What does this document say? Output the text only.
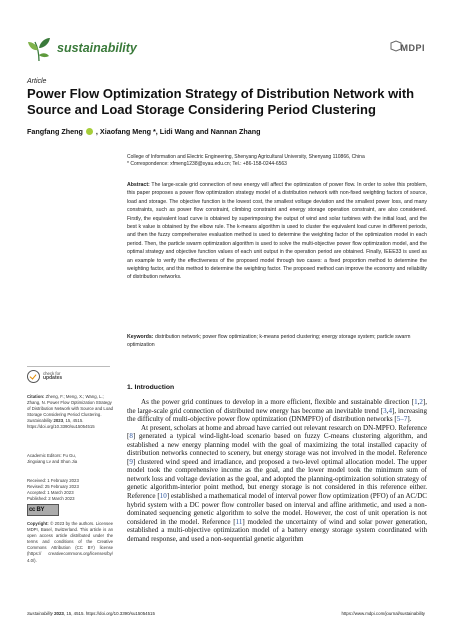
sustainability	MDPI
Article
Power Flow Optimization Strategy of Distribution Network with Source and Load Storage Considering Period Clustering
Fangfang Zheng , Xiaofang Meng *, Lidi Wang and Nannan Zhang
College of Information and Electric Engineering, Shenyang Agricultural University, Shenyang 110866, China
* Correspondence: xfmeng1238@syau.edu.cn; Tel.: +86-158-0244-6563
Abstract: The large-scale grid connection of new energy will affect the optimization of power flow. In order to solve this problem, this paper proposes a power flow optimization strategy model of a distribution network with non-fixed weighting factors of source, load and storage. The objective function is the lowest cost, the smallest voltage deviation and the smallest power loss, and many constraints, such as power flow constraint, climbing constraint and energy storage operation constraint, are also considered. Firstly, the equivalent load curve is obtained by superimposing the output of wind and solar turbines with the initial load, and the best k value is obtained by the elbow rule. The k-means algorithm is used to cluster the equivalent load curve in different periods, and then the fuzzy comprehensive evaluation method is used to determine the weighting factor of the optimization model in each period. Then, the particle swarm optimization algorithm is used to solve the multi-objective power flow optimization model, and the optimal strategy and objective function values of each unit output in the operation period are obtained. Finally, IEEE33 is used as an example to verify the effectiveness of the proposed model through two cases: a fixed proportion method to determine the weighting factor, and this method to determine the weighting factor. The proposed method can improve the economy and reliability of distribution networks.
Keywords: distribution network; power flow optimization; k-means period clustering; energy storage system; particle swarm optimization
check for
updates
Citation: Zheng, F.; Meng, X.; Wang, L.; Zhang, N. Power Flow Optimization Strategy of Distribution Network with Source and Load Storage Considering Period Clustering. Sustainability 2023, 15, 4515. https://doi.org/10.3390/su15054515
Academic Editors: Fu Gu,
Jingxiang Lv and Shun Jia
Received: 1 February 2023
Revised: 25 February 2023
Accepted: 1 March 2023
Published: 2 March 2023
cc BY
Copyright: © 2023 by the authors. Licensee MDPI, Basel, Switzerland. This article is an open access article distributed under the terms and conditions of the Creative Commons Attribution (CC BY) license (https:// creativecommons.org/licenses/by/ 4.0/).
1. Introduction

As the power grid continues to develop in a more efficient, flexible and sustainable direction [1,2], the large-scale grid connection of distributed new energy has become an inevitable trend [3,4], increasing the difficulty of multi-objective power flow optimization (DNMPFO) of distribution networks [5–7].

At present, scholars at home and abroad have carried out relevant research on DN-MPFO. Reference [8] generated a typical wind-light-load scenario based on fuzzy C-means clustering algorithm, and established a new energy planning model with the goal of maximizing the total installed capacity of distribution networks connected to scenery, but energy storage was not involved in the model. Reference [9] clustered wind speed and irradiance, and proposed a two-level optimal allocation model. The upper model took the comprehensive income as the goal, and the lower model took the minimum sum of network loss and voltage deviation as the goal, and adopted the planning-optimization solution strategy of genetic algorithm-interior point method, but energy storage is not considered in this reference either. Reference [10] established a mathematical model of interval power flow optimization (PFO) of an AC/DC hybrid system with a DC power flow controller based on interval and affine arithmetic, and used a non-dominated sequencing genetic algorithm to solve the model. However, the cost of unit operation is not considered in the model. Reference [11] modeled the uncertainty of wind and solar power generation, established a multi-objective optimization model of a battery energy storage system coordinated with demand response, and used a non-sequential genetic algorithm

Sustainability 2023, 15, 4515. https://doi.org/10.3390/su15054515	https://www.mdpi.com/journal/sustainability
